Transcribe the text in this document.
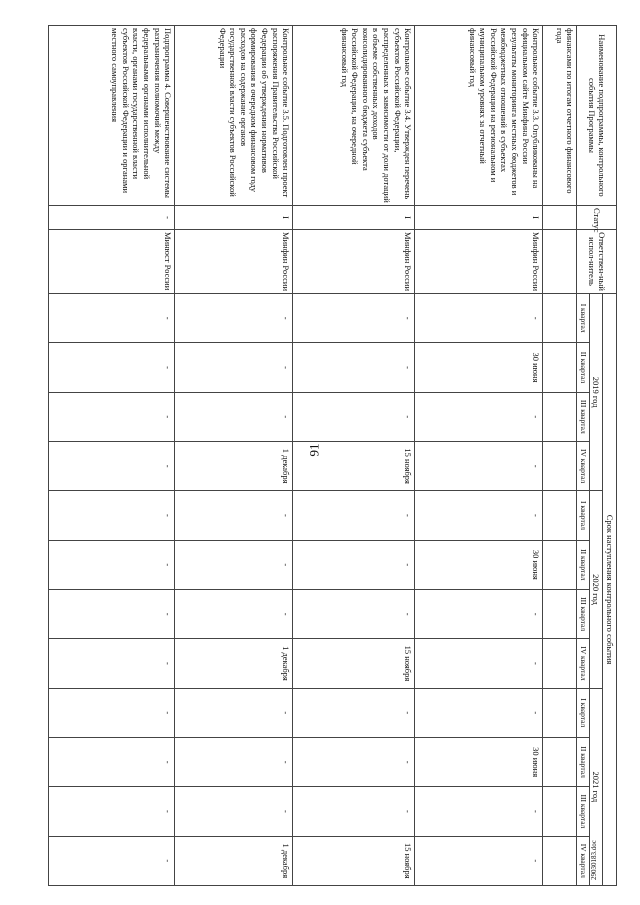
91
Наименование подпрограммы, контрольного события Программы	Статус	Ответствен-ный испол-нитель	Срок наступления контрольного события											
			2019 год				2020 год				2021 год			
			I квартал	II квартал	III квартал	IV квартал	I квартал	II квартал	III квартал	IV квартал	I квартал	II квартал	III квартал	IV квартал
финансами по итогам отчетного финансового года														
Контрольное событие 3.3. Опубликованы на официальном сайте Минфина России результаты мониторинга местных бюджетов и межбюджетных отношений в субъектах Российской Федерации на региональном и муниципальном уровнях за отчетный финансовый год	I	Минфин России	-	30 июня	-	-	-	30 июня	-	-	-	30 июня	-	-
Контрольное событие 3.4. Утвержден перечень субъектов Российской Федерации, распределенных в зависимости от доли дотаций в объеме собственных доходов консолидированного бюджета субъекта Российской Федерации, на очередной финансовый год	I	Минфин России	-	-	-	15 ноября	-	-	-	15 ноября	-	-	-	15 ноября
Контрольное событие 3.5. Подготовлен проект распоряжения Правительства Российской Федерации об утверждении нормативов формирования в очередном финансовом году расходов на содержание органов государственной власти субъектов Российской Федерации	I	Минфин России	-	-	-	1 декабря	-	-	-	1 декабря	-	-	-	1 декабря
Подпрограмма 4. Совершенствование системы разграничения полномочий между федеральными органами исполнительной власти, органами государственной власти субъектов Российской Федерации и органами местного самоуправления	-	Минюст России	-	-	-	-	-	-	-	-	-	-	-	-	29030183.doc
